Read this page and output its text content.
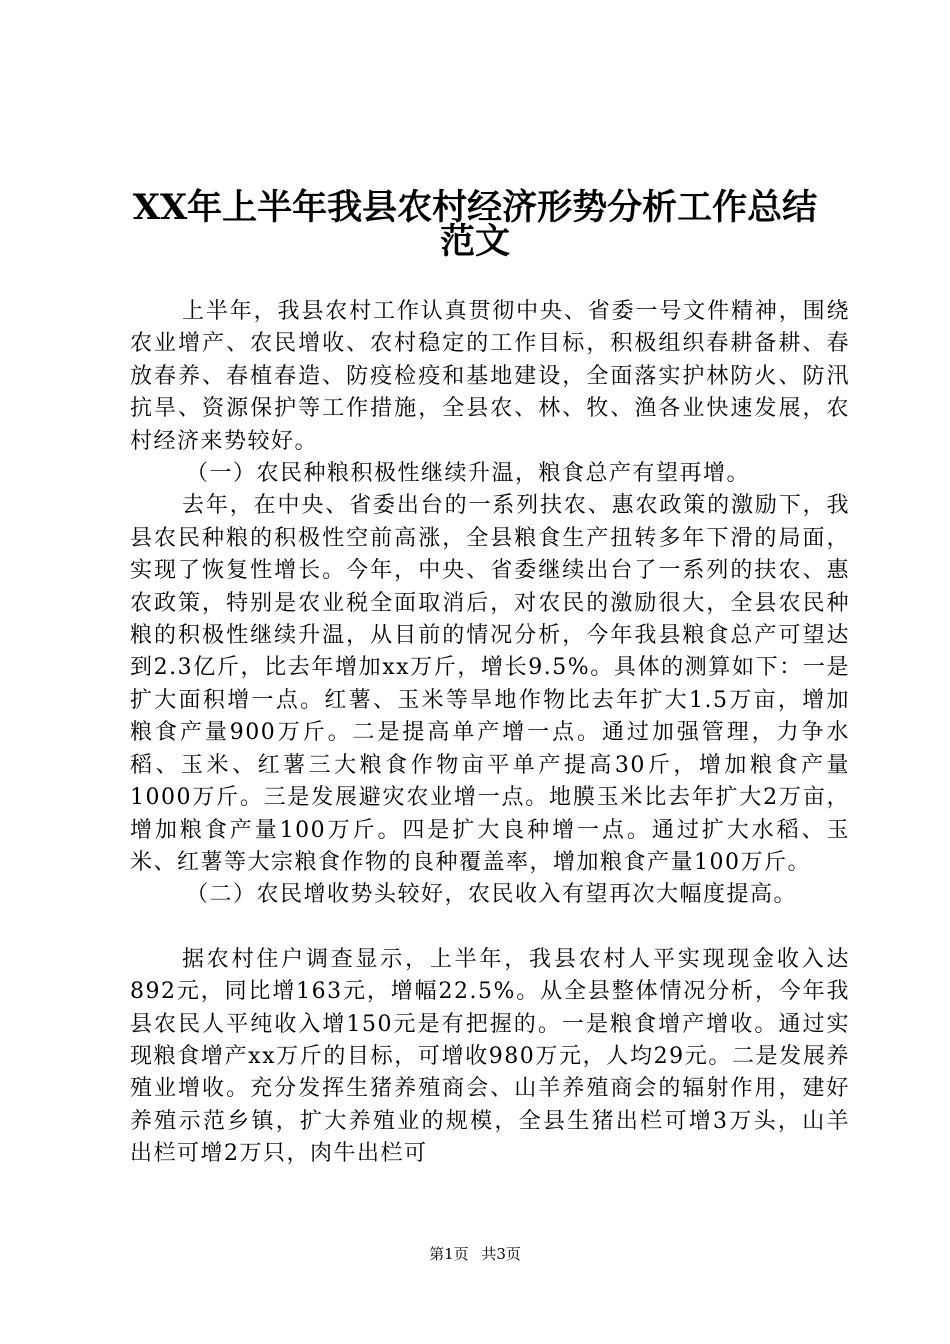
XX年上半年我县农村经济形势分析工作总结
范文

上半年，我县农村工作认真贯彻中央、省委一号文件精神，围绕农业增产、农民增收、农村稳定的工作目标，积极组织春耕备耕、春放春养、春植春造、防疫检疫和基地建设，全面落实护林防火、防汛抗旱、资源保护等工作措施，全县农、林、牧、渔各业快速发展，农村经济来势较好。

（一）农民种粮积极性继续升温，粮食总产有望再增。

去年，在中央、省委出台的一系列扶农、惠农政策的激励下，我县农民种粮的积极性空前高涨，全县粮食生产扭转多年下滑的局面，实现了恢复性增长。今年，中央、省委继续出台了一系列的扶农、惠农政策，特别是农业税全面取消后，对农民的激励很大，全县农民种粮的积极性继续升温，从目前的情况分析，今年我县粮食总产可望达到2.3亿斤，比去年增加xx万斤，增长9.5%。具体的测算如下：一是扩大面积增一点。红薯、玉米等旱地作物比去年扩大1.5万亩，增加粮食产量900万斤。二是提高单产增一点。通过加强管理，力争水稻、玉米、红薯三大粮食作物亩平单产提高30斤，增加粮食产量1000万斤。三是发展避灾农业增一点。地膜玉米比去年扩大2万亩，增加粮食产量100万斤。四是扩大良种增一点。通过扩大水稻、玉米、红薯等大宗粮食作物的良种覆盖率，增加粮食产量100万斤。

（二）农民增收势头较好，农民收入有望再次大幅度提高。

据农村住户调查显示，上半年，我县农村人平实现现金收入达892元，同比增163元，增幅22.5%。从全县整体情况分析，今年我县农民人平纯收入增150元是有把握的。一是粮食增产增收。通过实现粮食增产xx万斤的目标，可增收980万元，人均29元。二是发展养殖业增收。充分发挥生猪养殖商会、山羊养殖商会的辐射作用，建好养殖示范乡镇，扩大养殖业的规模，全县生猪出栏可增3万头，山羊出栏可增2万只，肉牛出栏可

第1页 共3页
